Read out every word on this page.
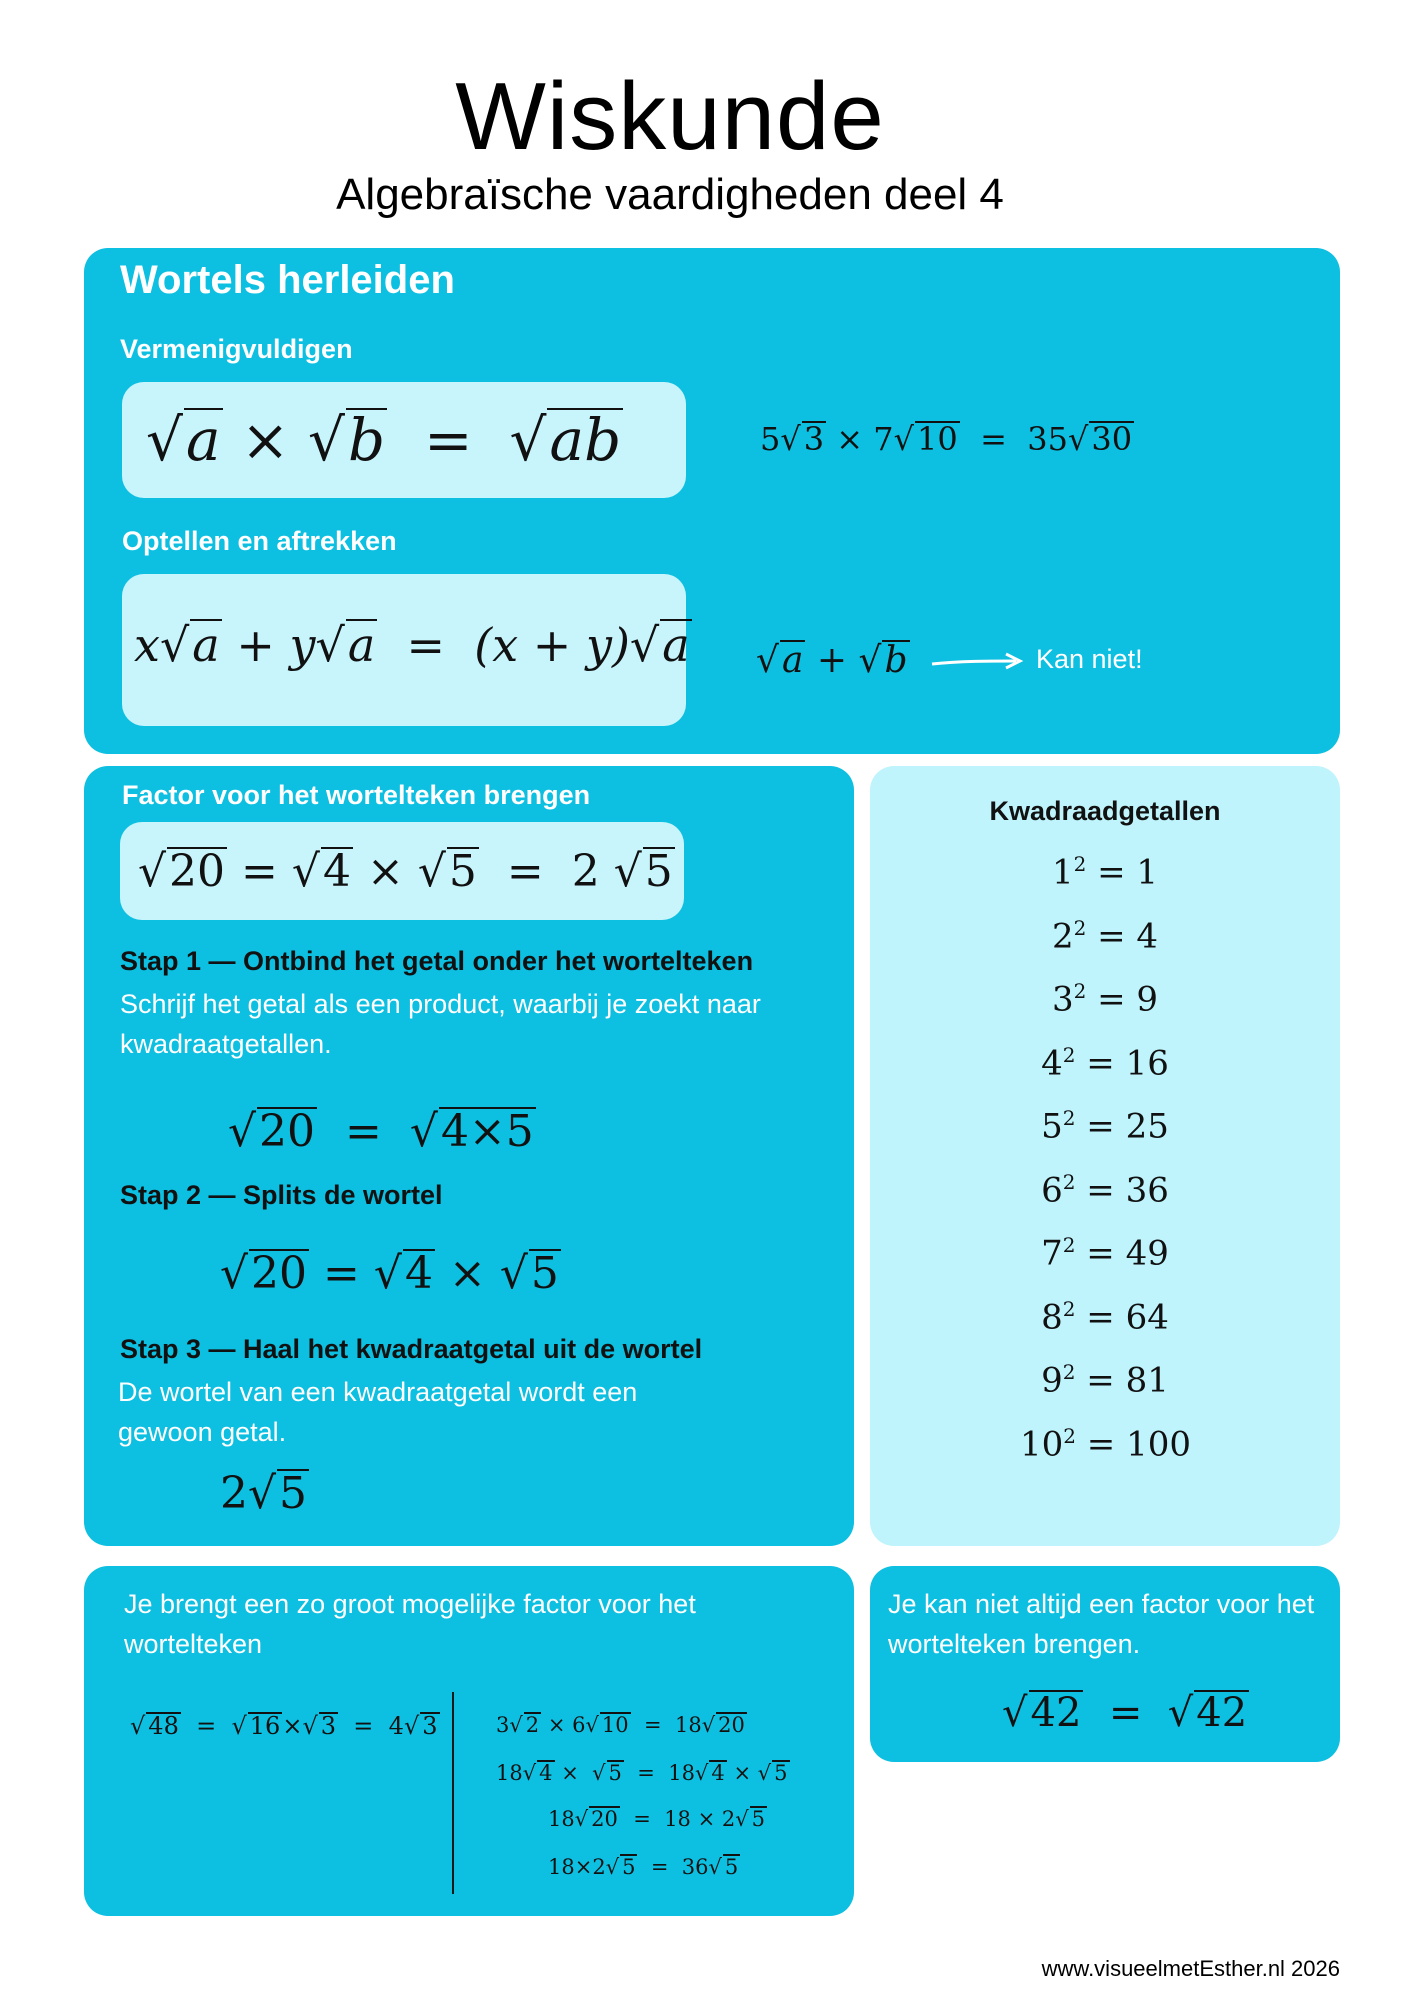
Wiskunde
Algebraïsche vaardigheden deel 4
Wortels herleiden
Vermenigvuldigen
√ a × √ b = √ ab	5 √ 3 × 7 √ 10 = 35 √ 30
Optellen en aftrekken
x √ a + y √ a = (x + y) √ a √	a + √ b	Kan niet!
Factor voor het wortelteken brengen
√ 20 = √ 4 × √ 5 = 2 √ 5
Stap 1 — Ontbind het getal onder het wortelteken
Schrijf het getal als een product, waarbij je zoekt naar kwadraatgetallen.
√ 20 = √ 4×5
Stap 2 — Splits de wortel
√ 20 = √ 4 × √ 5
Stap 3 — Haal het kwadraatgetal uit de wortel
De wortel van een kwadraatgetal wordt een gewoon getal.
2 √ 5
Kwadraadgetallen
$1^2 = 1$
$2^2 = 4$
$3^2 = 9$
$4^2 = 16$
$5^2 = 25$
$6^2 = 36$
$7^2 = 49$
$8^2 = 64$
$9^2 = 81$
$10^2 = 100$
Je brengt een zo groot mogelijke factor voor het wortelteken
√ 48 = √ 16× √ 3 = 4 √ 3	3 √ 2 × 6 √ 10 = 18 √ 20
18 √ 4 × √ 5 = 18 √ 4 × √ 5
18 √ 20 = 18 × 2 √ 5
18×2 √ 5 = 36 √ 5
Je kan niet altijd een factor voor het wortelteken brengen.
√ 42 = √ 42
www.visueelmetEsther.nl 2026
